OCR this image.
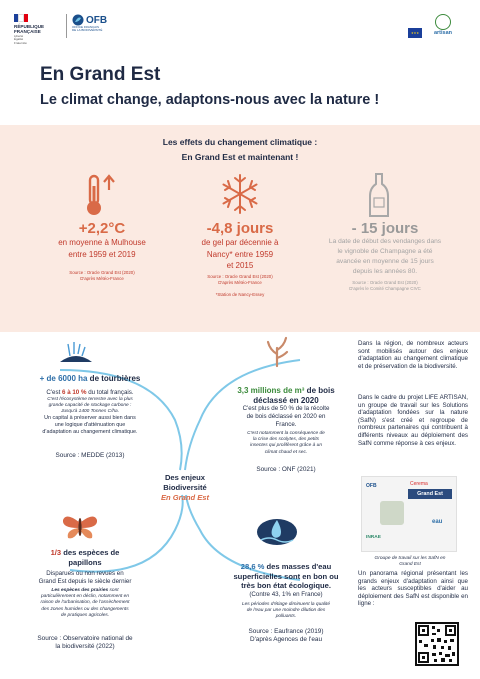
RÉPUBLIQUE
FRANÇAISE
Liberté
Égalité
Fraternité
OFB
OFFICE FRANÇAIS
DE LA BIODIVERSITÉ
★★★	artisan
En Grand Est
Le climat change, adaptons-nous avec la nature !
Les effets du changement climatique :
En Grand Est et maintenant !
+2,2°C
en moyenne à Mulhouse
entre 1959 et 2019
Source : Oracle Grand Est (2020)
D'après Météo-France
-4,8 jours
de gel par décennie à
Nancy* entre 1959
et 2015
Source : Oracle Grand Est (2020)
D'après Météo-France
*Station de Nancy-Essey
- 15 jours
La date de début des vendanges dans
le vignoble de Champagne a été
avancée en moyenne de 15 jours
depuis les années 80.
Source : Oracle Grand Est (2020)
D'après le Comité Champagne CIVC
Des enjeux
Biodiversité
En Grand Est
+ de 6000 ha de tourbières
C'est 6 à 10 % du total français.
C'est l'écosystème terrestre avec la plus
grande capacité de stockage carbone :
Jusqu'à 1400 Tonnes C/ha.
Un capital à préserver aussi bien dans
une logique d'atténuation que
d'adaptation au changement climatique.
Source : MEDDE (2013)
3,3 millions de m³ de bois
déclassé en 2020
C'est plus de 50 % de la récolte
de bois déclassé en 2020 en
France.
C'est notamment la conséquence de
la crise des scolytes, des petits
insectes qui prolifèrent grâce à un
climat chaud et sec.
Source : ONF (2021)
1/3 des espèces de
papillons
Disparues ou non revues en
Grand Est depuis le siècle dernier
Les espèces des prairies sont
particulièrement en déclin, notamment en
raison de l'urbanisation, de l'assèchement
des zones humides ou des changements
de pratiques agricoles.
Source : Observatoire national de
la biodiversité (2022)
28,6 % des masses d'eau
superficielles sont en bon ou
très bon état écologique.
(Contre 43, 1% en France)
Les périodes d'étiage diminuent la qualité
de l'eau par une moindre dilution des
polluants.
Source : Eaufrance (2019)
D'après Agences de l'eau
Dans la région, de nombreux acteurs sont mobilisés autour des enjeux d'adaptation au changement climatique et de préservation de la biodiversité.
Dans le cadre du projet LIFE ARTISAN, un groupe de travail sur les Solutions d'adaptation fondées sur la nature (SafN) s'est créé et regroupe de nombreux partenaires qui contribuent à différents niveaux au déploiement des SafN comme réponse à ces enjeux.
OFB	Cerema
Grand Est
eau
INRAE
Groupe de travail sur les SafN en
Grand Est
Un panorama régional présentant les grands enjeux d'adaptation ainsi que les acteurs susceptibles d'aider au déploiement des SafN est disponible en ligne :
